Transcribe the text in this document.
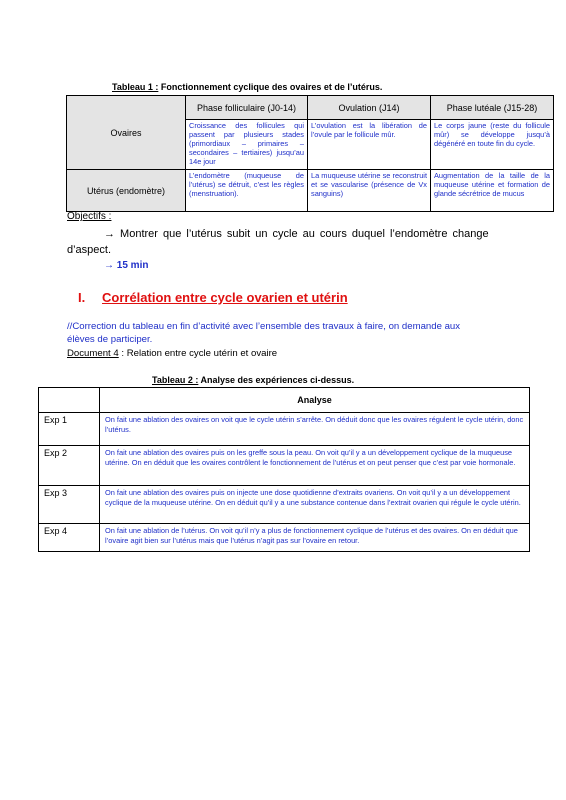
Tableau 1 : Fonctionnement cyclique des ovaires et de l’utérus.
Ovaires	Phase folliculaire (J0-14)	Ovulation (J14)	Phase lutéale (J15-28)
	Croissance des follicules qui passent par plusieurs stades (primordiaux – primaires – secondaires – tertiaires) jusqu’au 14e jour	L’ovulation est la libération de l’ovule par le follicule mûr.	Le corps jaune (reste du follicule mûr) se développe jusqu’à dégénéré en toute fin du cycle.
Utérus (endomètre)	L’endomètre (muqueuse de l’utérus) se détruit, c’est les règles (menstruation).	La muqueuse utérine se reconstruit et se vascularise (présence de Vx sanguins)	Augmentation de la taille de la muqueuse utérine et formation de glande sécrétrice de mucus
Objectifs :
→ Montrer que l’utérus subit un cycle au cours duquel l’endomètre change
d’aspect.
→ 15 min
I. Corrélation entre cycle ovarien et utérin
//Correction du tableau en fin d’activité avec l’ensemble des travaux à faire, on demande aux
élèves de participer.
Document 4 : Relation entre cycle utérin et ovaire
Tableau 2 : Analyse des expériences ci-dessus.
	Analyse
Exp 1	On fait une ablation des ovaires on voit que le cycle utérin s’arrête. On déduit donc que les ovaires régulent le cycle utérin, donc l’utérus.
Exp 2	On fait une ablation des ovaires puis on les greffe sous la peau. On voit qu’il y a un développement cyclique de la muqueuse utérine. On en déduit que les ovaires contrôlent le fonctionnement de l’utérus et on peut penser que c’est par voie hormonale.
Exp 3	On fait une ablation des ovaires puis on injecte une dose quotidienne d’extraits ovariens. On voit qu’il y a un développement cyclique de la muqueuse utérine. On en déduit qu’il y a une substance contenue dans l’extrait ovarien qui régule le cycle utérin.
Exp 4	On fait une ablation de l’utérus. On voit qu’il n’y a plus de fonctionnement cyclique de l’utérus et des ovaires. On en déduit que l’ovaire agit bien sur l’utérus mais que l’utérus n’agit pas sur l’ovaire en retour.
